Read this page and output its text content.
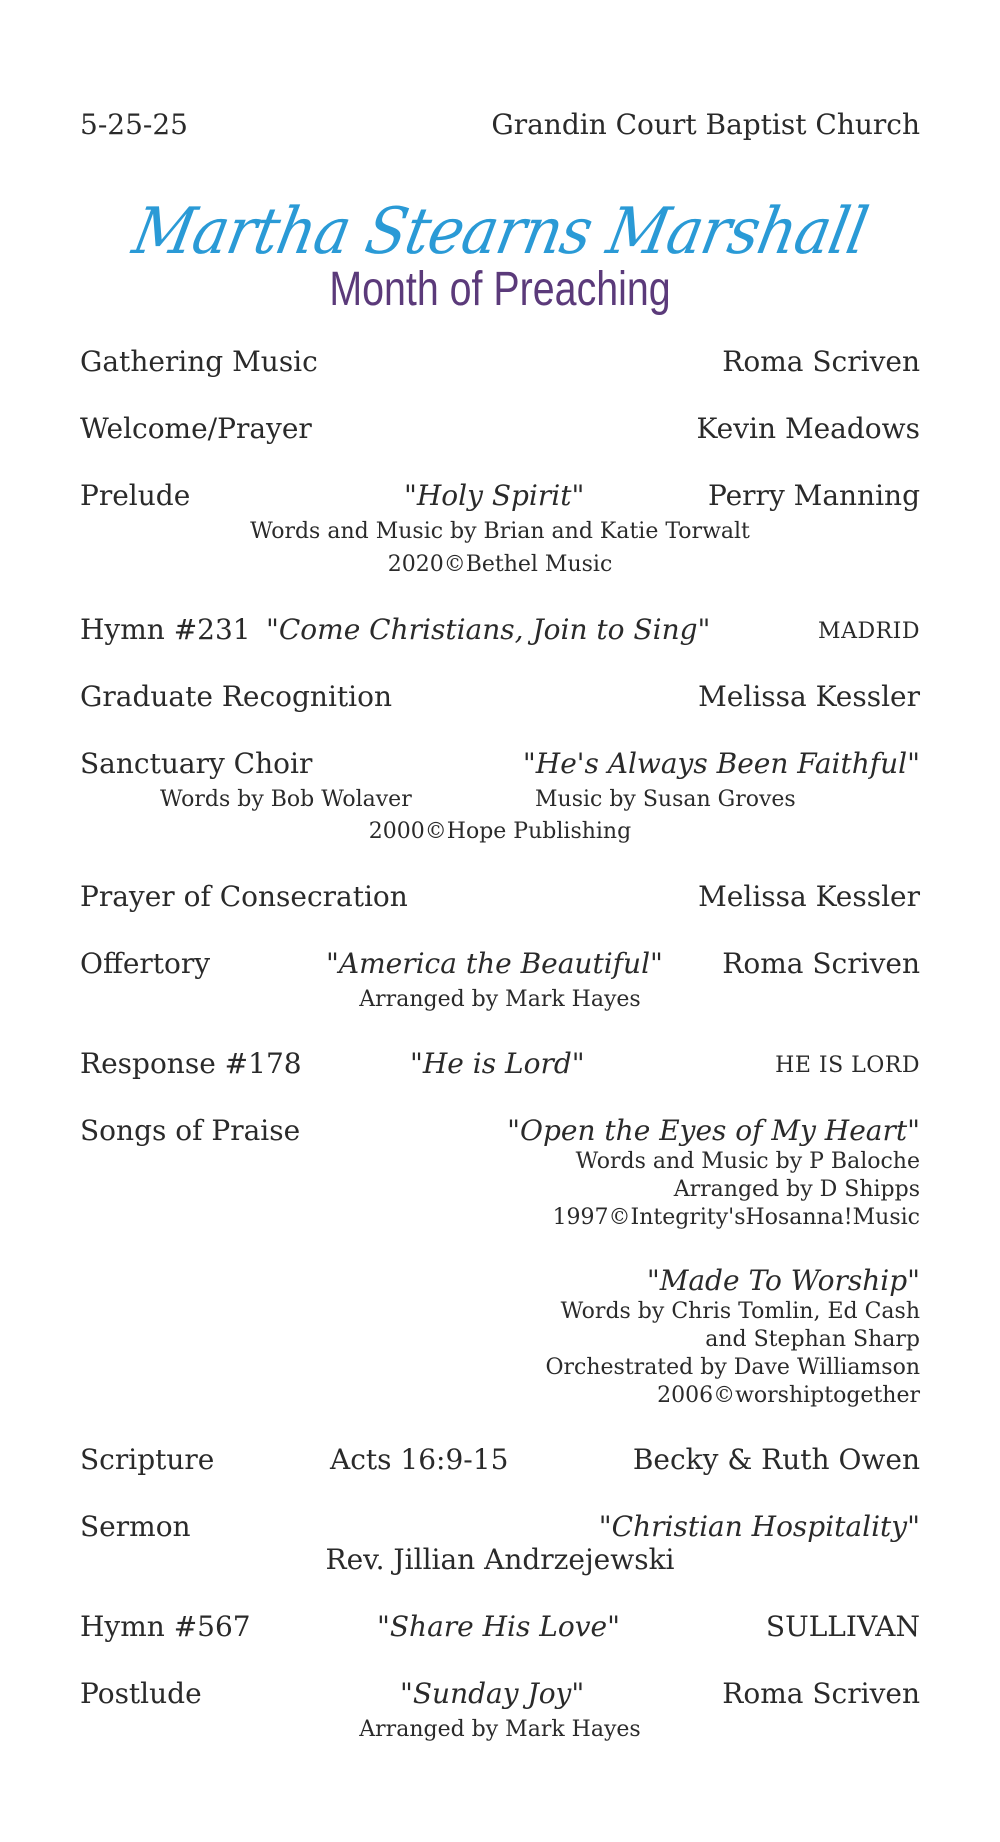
5-25-25	Grandin Court Baptist Church
Martha Stearns Marshall
Month of Preaching
Gathering Music	Roma Scriven
Welcome/Prayer	Kevin Meadows
Prelude	"Holy Spirit"	Perry Manning
Words and Music by Brian and Katie Torwalt
2020©Bethel Music
Hymn #231 "Come Christians, Join to Sing"	MADRID
Graduate Recognition	Melissa Kessler
Sanctuary Choir	"He's Always Been Faithful"
Words by Bob Wolaver	Music by Susan Groves
2000©Hope Publishing
Prayer of Consecration	Melissa Kessler
Offertory	"America the Beautiful" Roma Scriven
Arranged by Mark Hayes
Response #178	"He is Lord"	HE IS LORD
Songs of Praise	"Open the Eyes of My Heart"
Words and Music by P Baloche
Arranged by D Shipps
1997©Integrity'sHosanna!Music
"Made To Worship"
Words by Chris Tomlin, Ed Cash
and Stephan Sharp
Orchestrated by Dave Williamson
2006©worshiptogether
Scripture	Acts 16:9-15	Becky & Ruth Owen
Sermon	"Christian Hospitality"
Rev. Jillian Andrzejewski
Hymn #567	"Share His Love"	SULLIVAN
Postlude	"Sunday Joy"	Roma Scriven
Arranged by Mark Hayes
